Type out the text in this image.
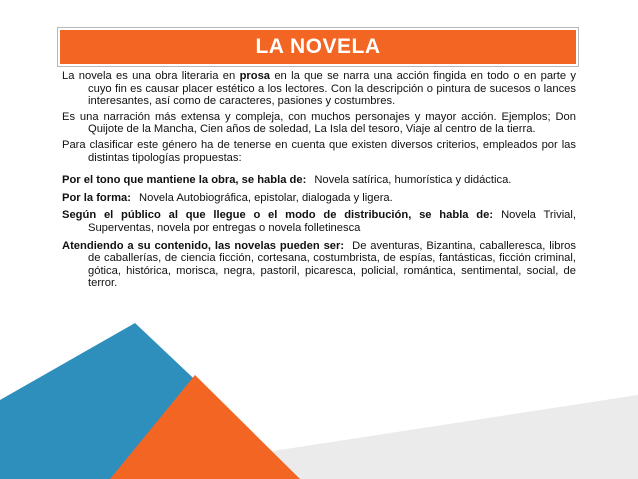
LA NOVELA

La novela es una obra literaria en prosa en la que se narra una acción fingida en todo o en parte y cuyo fin es causar placer estético a los lectores. Con la descripción o pintura de sucesos o lances interesantes, así como de caracteres, pasiones y costumbres.

Es una narración más extensa y compleja, con muchos personajes y mayor acción. Ejemplos; Don Quijote de la Mancha, Cien años de soledad, La Isla del tesoro, Viaje al centro de la tierra.

Para clasificar este género ha de tenerse en cuenta que existen diversos criterios, empleados por las distintas tipologías propuestas:

Por el tono que mantiene la obra, se habla de: Novela satírica, humorística y didáctica.

Por la forma: Novela Autobiográfica, epistolar, dialogada y ligera.

Según el público al que llegue o el modo de distribución, se habla de: Novela Trivial, Superventas, novela por entregas o novela folletinesca

Atendiendo a su contenido, las novelas pueden ser: De aventuras, Bizantina, caballeresca, libros de caballerías, de ciencia ficción, cortesana, costumbrista, de espías, fantásticas, ficción criminal, gótica, histórica, morisca, negra, pastoril, picaresca, policial, romántica, sentimental, social, de terror.
